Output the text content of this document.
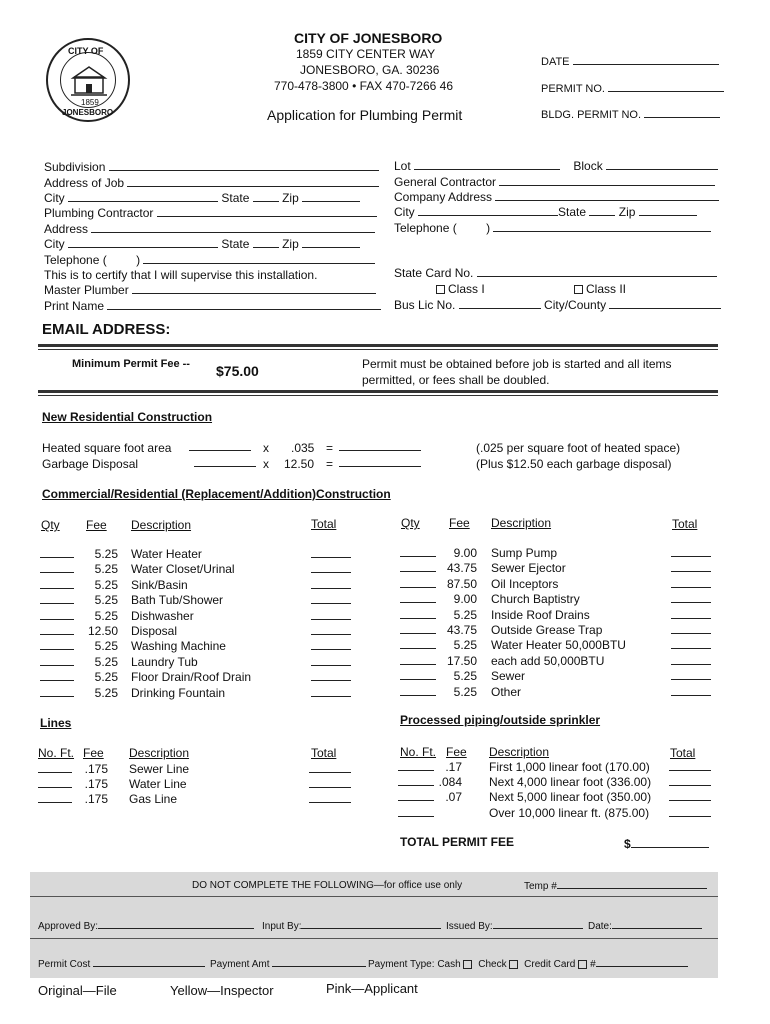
CITY OF
JONESBORO
1859
CITY OF JONESBORO
1859 CITY CENTER WAY
JONESBORO, GA. 30236
770-478-3800 • FAX 470-7266 46
Application for Plumbing Permit
DATE
PERMIT NO.
BLDG. PERMIT NO.
Subdivision
Address of Job
City	State	Zip
Plumbing Contractor
Address
City	State	Zip
Telephone ( )
This is to certify that I will supervise this installation.
Master Plumber
Print Name
Lot	Block
General Contractor
Company Address
City	State	Zip
Telephone ( )
State Card No.
Class I	Class II
Bus Lic No.	City/County
EMAIL ADDRESS:
Minimum Permit Fee -- $75.00	Permit must be obtained before job is started and all items
permitted, or fees shall be doubled.
New Residential Construction
Heated square foot area	x .035 =	(.025 per square foot of heated space)
Garbage Disposal	x 12.50 =	(Plus $12.50 each garbage disposal)
Commercial/Residential (Replacement/Addition)Construction
Qty Fee Description	Total	Qty Fee Description	Total
5.25 Water Heater
5.25 Water Closet/Urinal
5.25 Sink/Basin
5.25 Bath Tub/Shower
5.25 Dishwasher
12.50 Disposal
5.25 Washing Machine
5.25 Laundry Tub
5.25 Floor Drain/Roof Drain
5.25 Drinking Fountain
9.00 Sump Pump
43.75 Sewer Ejector
87.50 Oil Inceptors
9.00 Church Baptistry
5.25 Inside Roof Drains
43.75 Outside Grease Trap
5.25 Water Heater 50,000BTU
17.50 each add 50,000BTU
5.25 Sewer
5.25 Other
Lines
No. Ft. Fee Description	Total
.175 Sewer Line
.175 Water Line
.175 Gas Line
Processed piping/outside sprinkler
No. Ft. Fee Description	Total
.17 First 1,000 linear foot (170.00)
.084 Next 4,000 linear foot (336.00)
.07 Next 5,000 linear foot (350.00)
Over 10,000 linear ft. (875.00)
TOTAL PERMIT FEE	$
DO NOT COMPLETE THE FOLLOWING—for office use only	Temp #
Approved By:	Input By:	Issued By:	Date:
Permit Cost	Payment Amt	Payment Type: Cash Check Credit Card #
Original—File	Yellow—Inspector	Pink—Applicant
